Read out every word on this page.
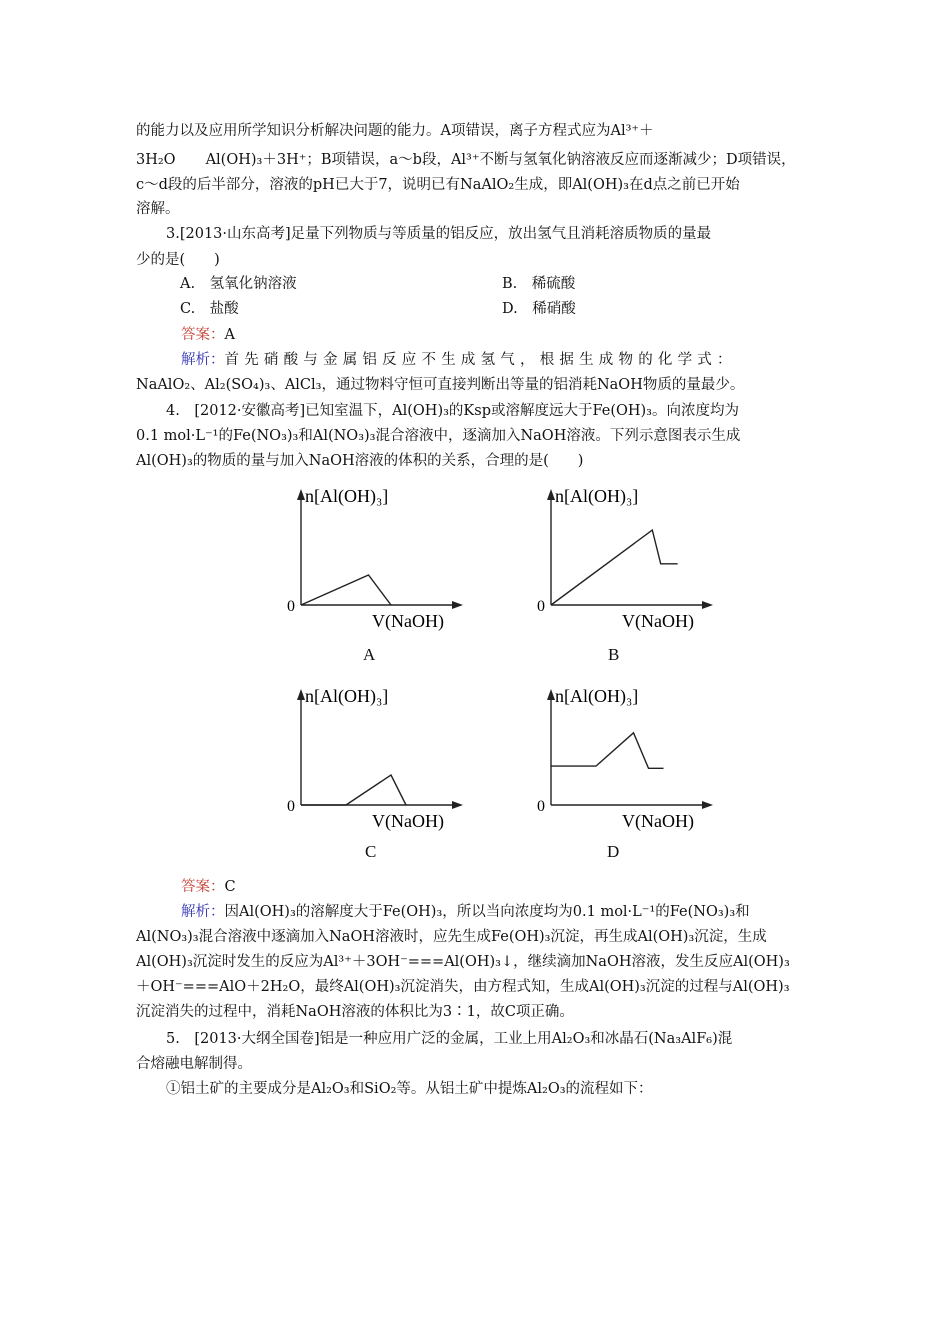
的能力以及应用所学知识分析解决问题的能力。A项错误，离子方程式应为Al³⁺＋
3H₂O Al(OH)₃＋3H⁺；B项错误，a～b段，Al³⁺不断与氢氧化钠溶液反应而逐渐减少；D项错误，
c～d段的后半部分，溶液的pH已大于7，说明已有NaAlO₂生成，即Al(OH)₃在d点之前已开始
溶解。
3.[2013·山东高考]足量下列物质与等质量的铝反应，放出氢气且消耗溶质物质的量最
少的是(　　)
A.　氢氧化钠溶液	B.　稀硫酸
C.　盐酸	D.　稀硝酸
答案：A
解析：首先硝酸与金属铝反应不生成氢气，根据生成物的化学式：
NaAlO₂、Al₂(SO₄)₃、AlCl₃，通过物料守恒可直接判断出等量的铝消耗NaOH物质的量最少。
4.　[2012·安徽高考]已知室温下，Al(OH)₃的Ksp或溶解度远大于Fe(OH)₃。向浓度均为
0.1 mol·L⁻¹的Fe(NO₃)₃和Al(NO₃)₃混合溶液中，逐滴加入NaOH溶液。下列示意图表示生成
Al(OH)₃的物质的量与加入NaOH溶液的体积的关系，合理的是(　　)
n[Al(OH)₃]
V(NaOH)
0
n[Al(OH)₃]
V(NaOH)
0
n[Al(OH)₃]
V(NaOH)
0
n[Al(OH)₃]
V(NaOH)
0
A	B
C	D
答案：C
解析：因Al(OH)₃的溶解度大于Fe(OH)₃，所以当向浓度均为0.1 mol·L⁻¹的Fe(NO₃)₃和
Al(NO₃)₃混合溶液中逐滴加入NaOH溶液时，应先生成Fe(OH)₃沉淀，再生成Al(OH)₃沉淀，生成
Al(OH)₃沉淀时发生的反应为Al³⁺＋3OH⁻===Al(OH)₃↓，继续滴加NaOH溶液，发生反应Al(OH)₃
＋OH⁻===AlO＋2H₂O，最终Al(OH)₃沉淀消失，由方程式知，生成Al(OH)₃沉淀的过程与Al(OH)₃
沉淀消失的过程中，消耗NaOH溶液的体积比为3∶1，故C项正确。
5.　[2013·大纲全国卷]铝是一种应用广泛的金属，工业上用Al₂O₃和冰晶石(Na₃AlF₆)混
合熔融电解制得。
①铝土矿的主要成分是Al₂O₃和SiO₂等。从铝土矿中提炼Al₂O₃的流程如下：
